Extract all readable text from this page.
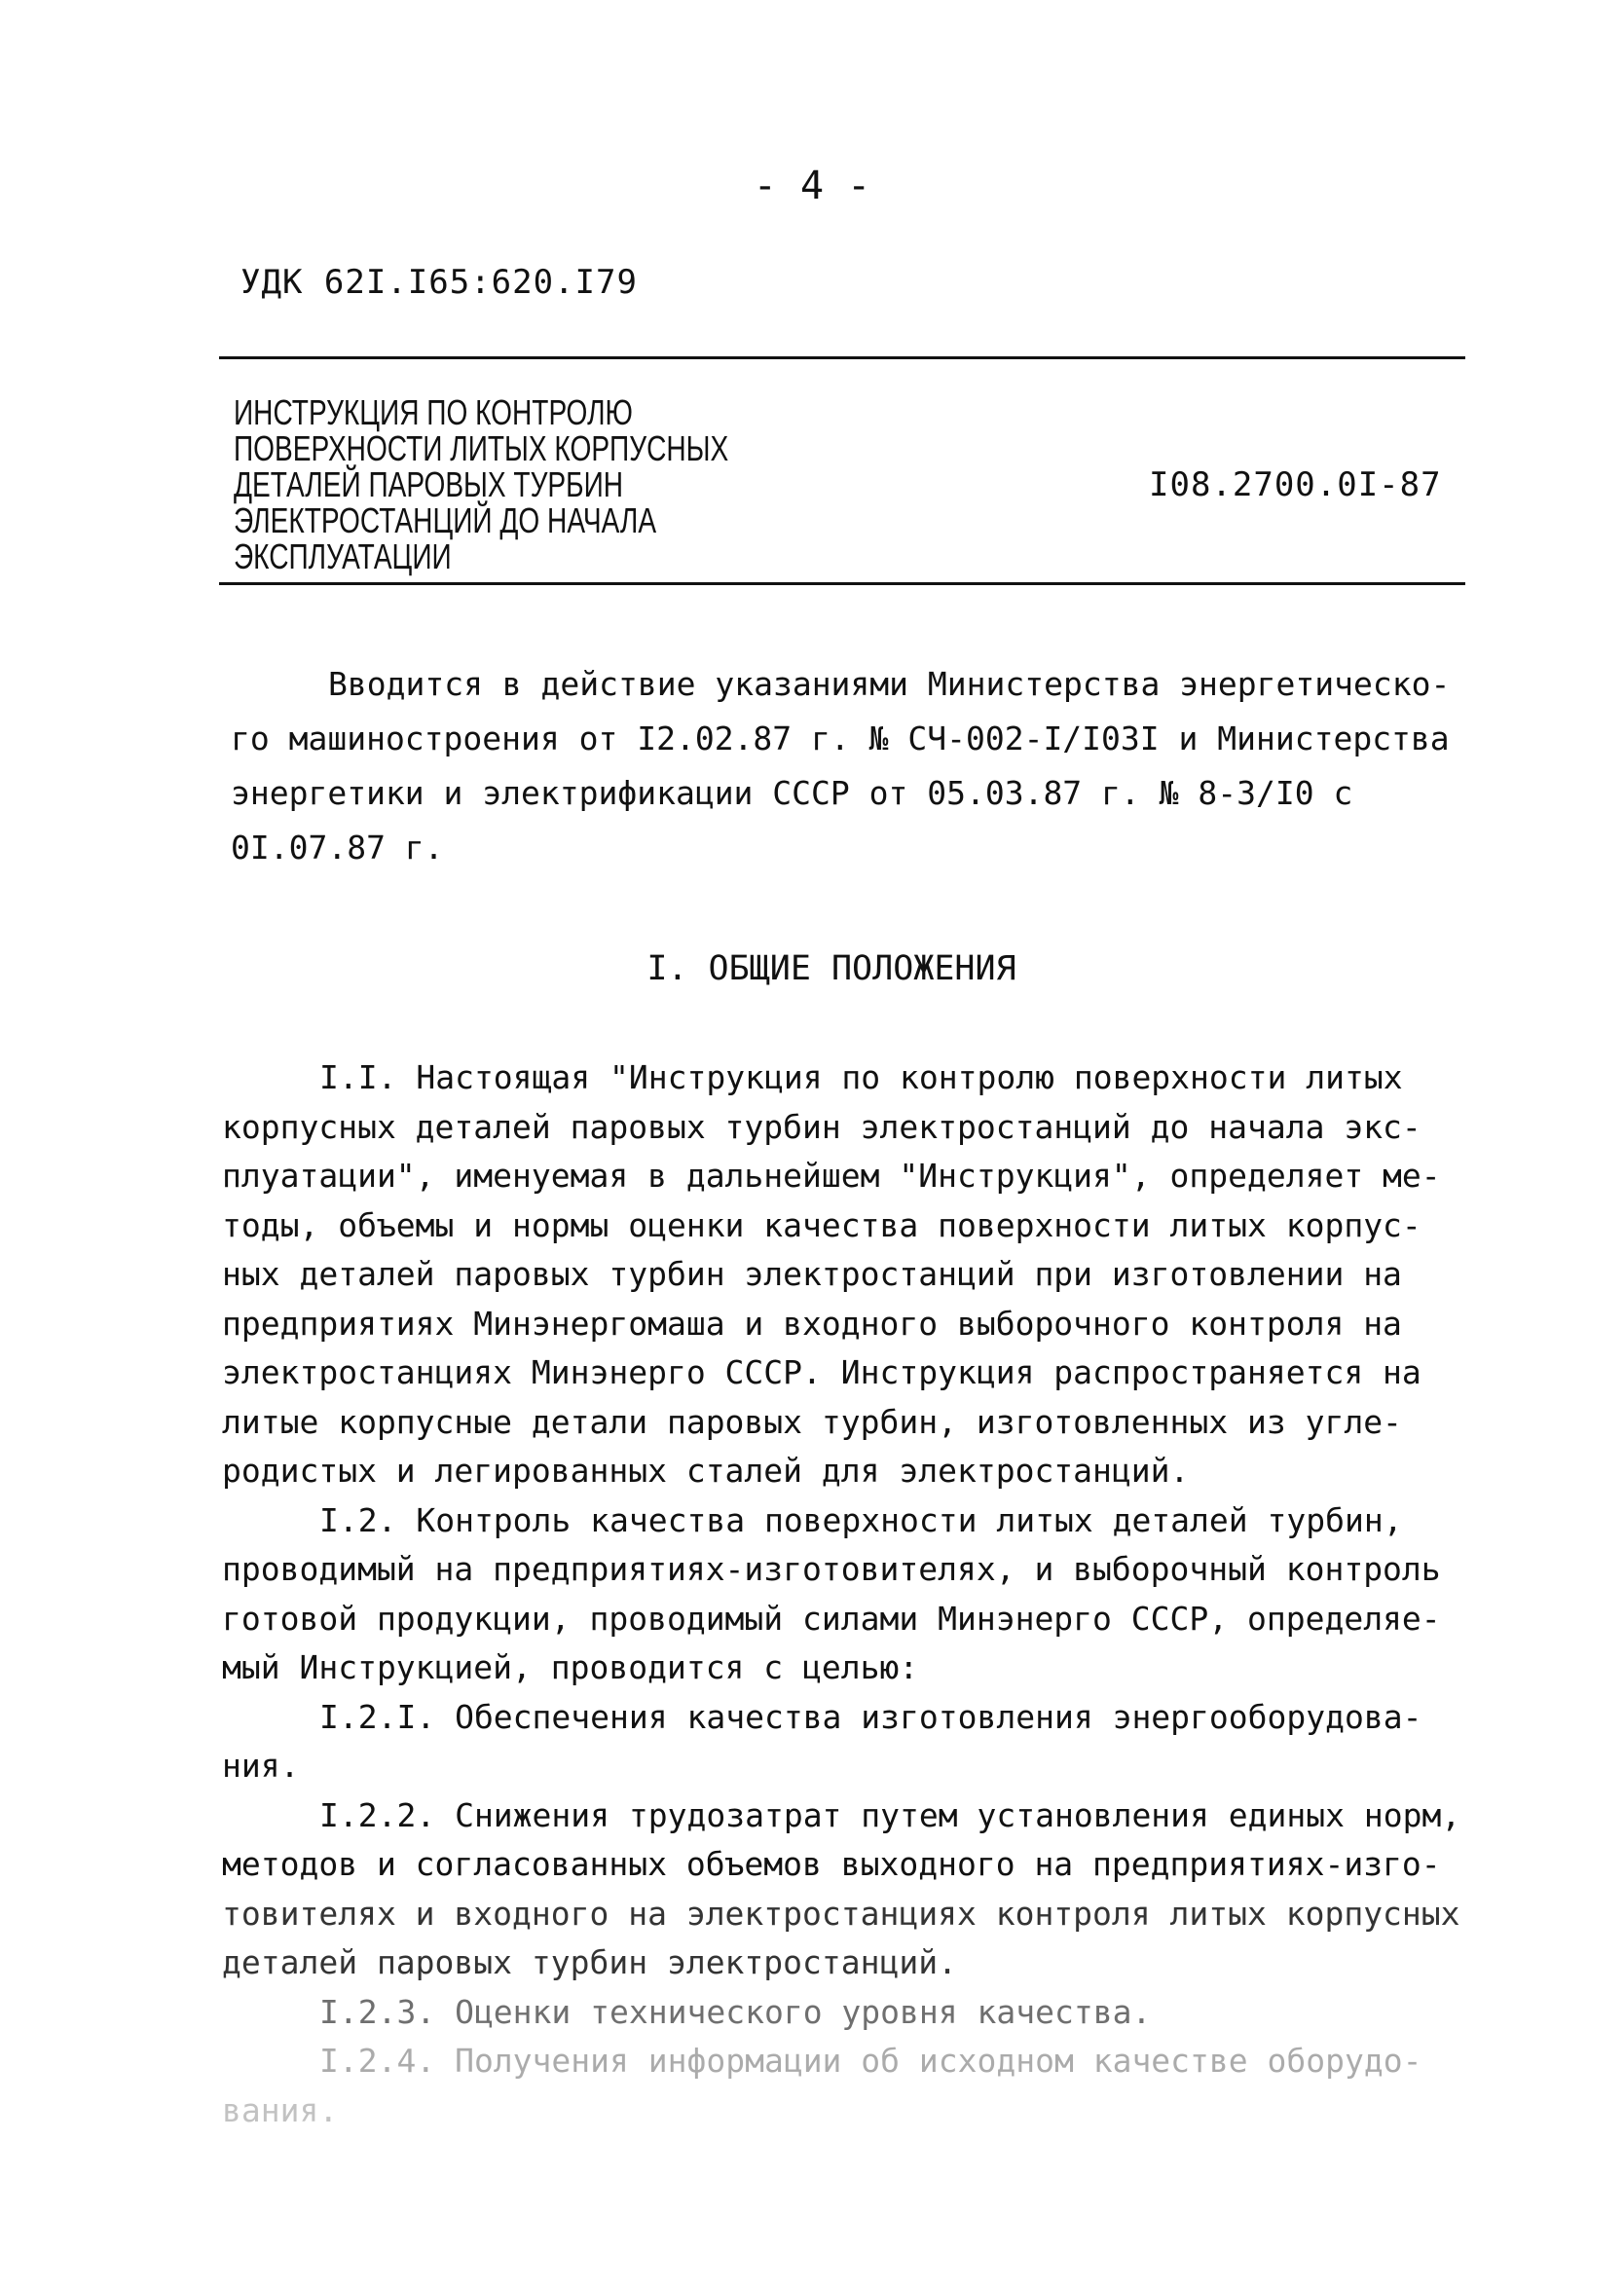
- 4 -
УДК 62I.I65:620.I79
ИНСТРУКЦИЯ ПО КОНТРОЛЮ
ПОВЕРХНОСТИ ЛИТЫХ КОРПУСНЫХ
ДЕТАЛЕЙ ПАРОВЫХ ТУРБИН
ЭЛЕКТРОСТАНЦИЙ ДО НАЧАЛА
ЭКСПЛУАТАЦИИ
I08.2700.0I-87
Вводится в действие указаниями Министерства энергетическо-
го машиностроения от I2.02.87 г. № СЧ-002-I/I03I и Министерства
энергетики и электрификации СССР от 05.03.87 г. № 8-3/I0 с
0I.07.87 г.
I. ОБЩИЕ ПОЛОЖЕНИЯ
I.I. Настоящая "Инструкция по контролю поверхности литых
корпусных деталей паровых турбин электростанций до начала экс-
плуатации", именуемая в дальнейшем "Инструкция", определяет ме-
тоды, объемы и нормы оценки качества поверхности литых корпус-
ных деталей паровых турбин электростанций при изготовлении на
предприятиях Минэнергомаша и входного выборочного контроля на
электростанциях Минэнерго СССР. Инструкция распространяется на
литые корпусные детали паровых турбин, изготовленных из угле-
родистых и легированных сталей для электростанций.
I.2. Контроль качества поверхности литых деталей турбин,
проводимый на предприятиях-изготовителях, и выборочный контроль
готовой продукции, проводимый силами Минэнерго СССР, определяе-
мый Инструкцией, проводится с целью:
I.2.I. Обеспечения качества изготовления энергооборудова-
ния.
I.2.2. Снижения трудозатрат путем установления единых норм,
методов и согласованных объемов выходного на предприятиях-изго-
товителях и входного на электростанциях контроля литых корпусных
деталей паровых турбин электростанций.
I.2.3. Оценки технического уровня качества.
I.2.4. Получения информации об исходном качестве оборудо-
вания.
